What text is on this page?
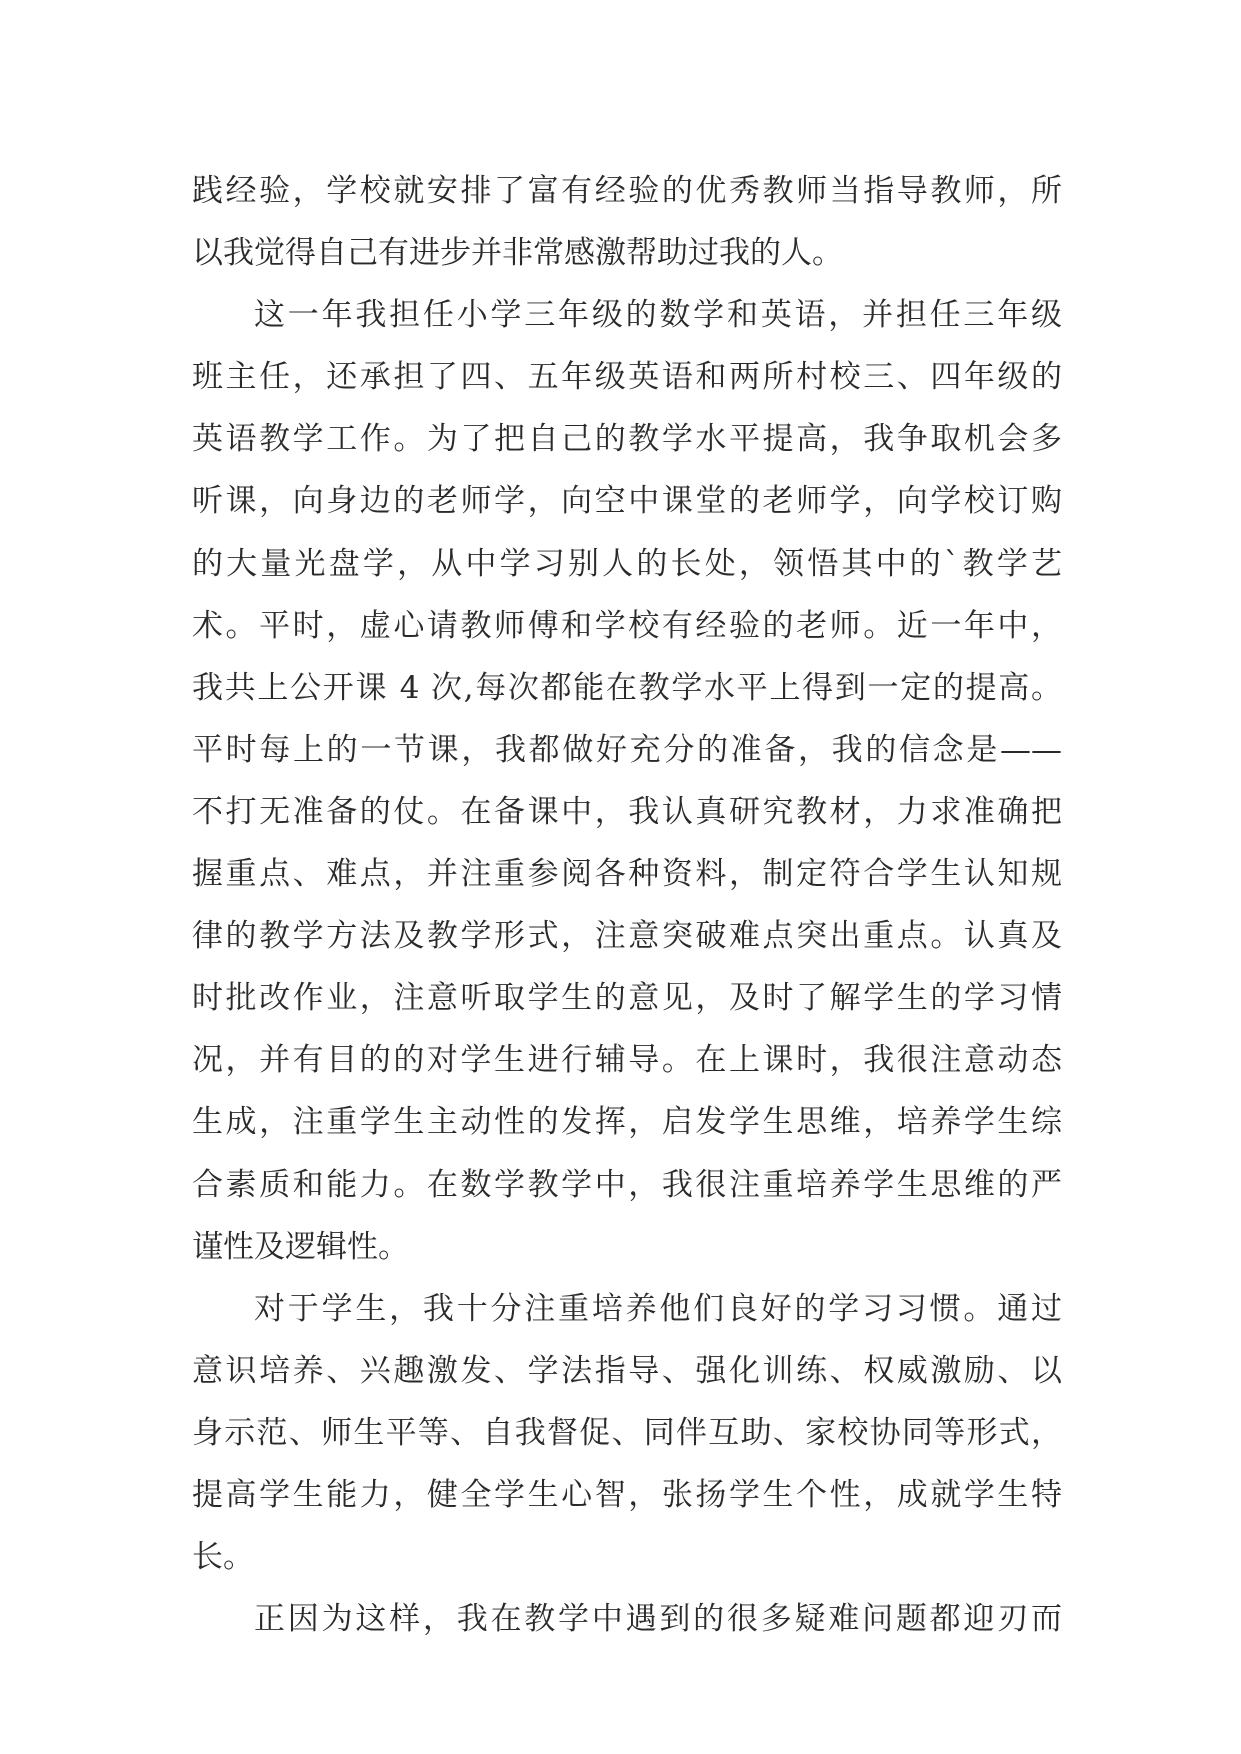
践经验，学校就安排了富有经验的优秀教师当指导教师，所
以我觉得自己有进步并非常感激帮助过我的人。
这一年我担任小学三年级的数学和英语，并担任三年级
班主任，还承担了四、五年级英语和两所村校三、四年级的
英语教学工作。为了把自己的教学水平提高，我争取机会多
听课，向身边的老师学，向空中课堂的老师学，向学校订购
的大量光盘学，从中学习别人的长处，领悟其中的`教学艺
术。平时，虚心请教师傅和学校有经验的老师。近一年中，
我共上公开课 4 次,每次都能在教学水平上得到一定的提高。
平时每上的一节课，我都做好充分的准备，我的信念是——
不打无准备的仗。在备课中，我认真研究教材，力求准确把
握重点、难点，并注重参阅各种资料，制定符合学生认知规
律的教学方法及教学形式，注意突破难点突出重点。认真及
时批改作业，注意听取学生的意见，及时了解学生的学习情
况，并有目的的对学生进行辅导。在上课时，我很注意动态
生成，注重学生主动性的发挥，启发学生思维，培养学生综
合素质和能力。在数学教学中，我很注重培养学生思维的严
谨性及逻辑性。
对于学生，我十分注重培养他们良好的学习习惯。通过
意识培养、兴趣激发、学法指导、强化训练、权威激励、以
身示范、师生平等、自我督促、同伴互助、家校协同等形式，
提高学生能力，健全学生心智，张扬学生个性，成就学生特
长。
正因为这样，我在教学中遇到的很多疑难问题都迎刃而
